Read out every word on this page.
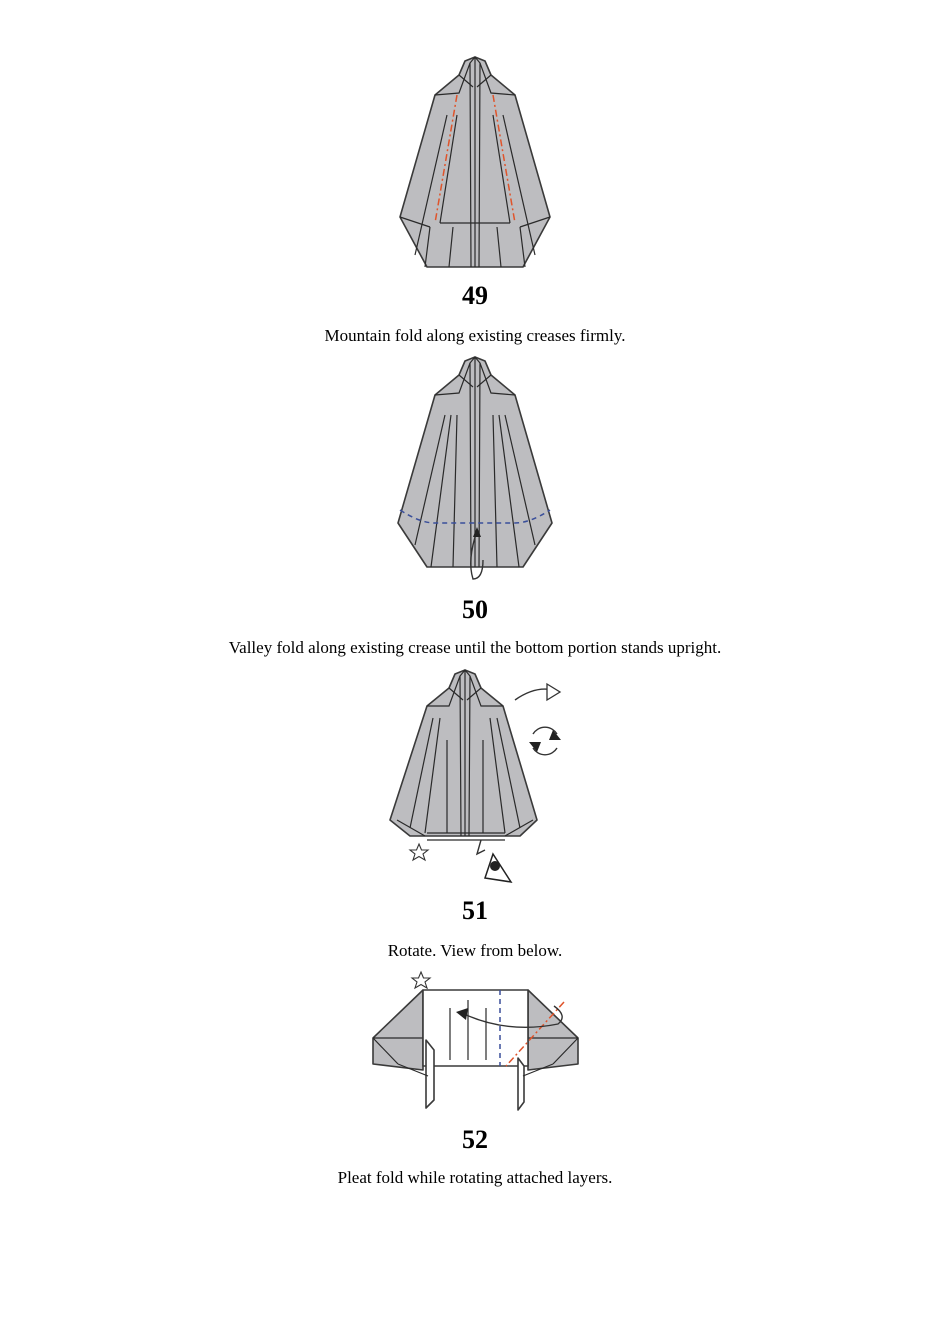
49
Mountain fold along existing creases firmly.
50
Valley fold along existing crease until the bottom portion stands upright.
51
Rotate. View from below.
52
Pleat fold while rotating attached layers.
